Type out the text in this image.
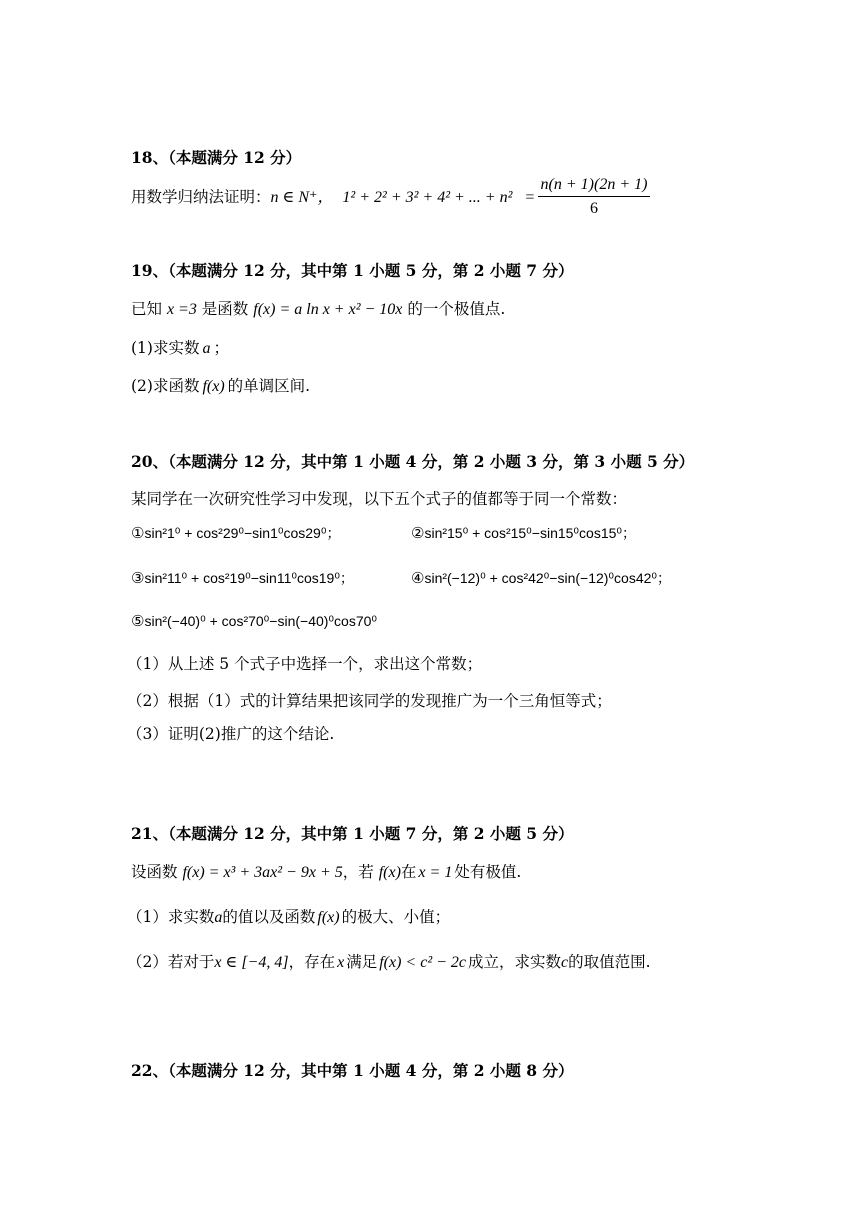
18、（本题满分 12 分）
用数学归纳法证明：n ∈ N⁺， 1² + 2² + 3² + 4² + ... + n² =
n(n + 1)(2n + 1)
6
19、（本题满分 12 分，其中第 1 小题 5 分，第 2 小题 7 分）
已知 x =3 是函数 f(x) = a ln x + x² − 10x 的一个极值点.
(1)求实数 a ；
(2)求函数 f(x) 的单调区间.
20、（本题满分 12 分，其中第 1 小题 4 分，第 2 小题 3 分，第 3 小题 5 分）
某同学在一次研究性学习中发现，以下五个式子的值都等于同一个常数：
①sin²1⁰ + cos²29⁰−sin1⁰cos29⁰；	②sin²15⁰ + cos²15⁰−sin15⁰cos15⁰；
③sin²11⁰ + cos²19⁰−sin11⁰cos19⁰；	④sin²(−12)⁰ + cos²42⁰−sin(−12)⁰cos42⁰；
⑤sin²(−40)⁰ + cos²70⁰−sin(−40)⁰cos70⁰
（1）从上述 5 个式子中选择一个，求出这个常数；
（2）根据（1）式的计算结果把该同学的发现推广为一个三角恒等式；
（3）证明(2)推广的这个结论.
21、（本题满分 12 分，其中第 1 小题 7 分，第 2 小题 5 分）
设函数 f(x) = x³ + 3ax² − 9x + 5，若 f(x)在 x = 1 处有极值.
（1）求实数a的值以及函数 f(x) 的极大、小值；
（2）若对于x ∈ [−4, 4]，存在 x 满足 f(x) < c² − 2c 成立，求实数c的取值范围.
22、（本题满分 12 分，其中第 1 小题 4 分，第 2 小题 8 分）
